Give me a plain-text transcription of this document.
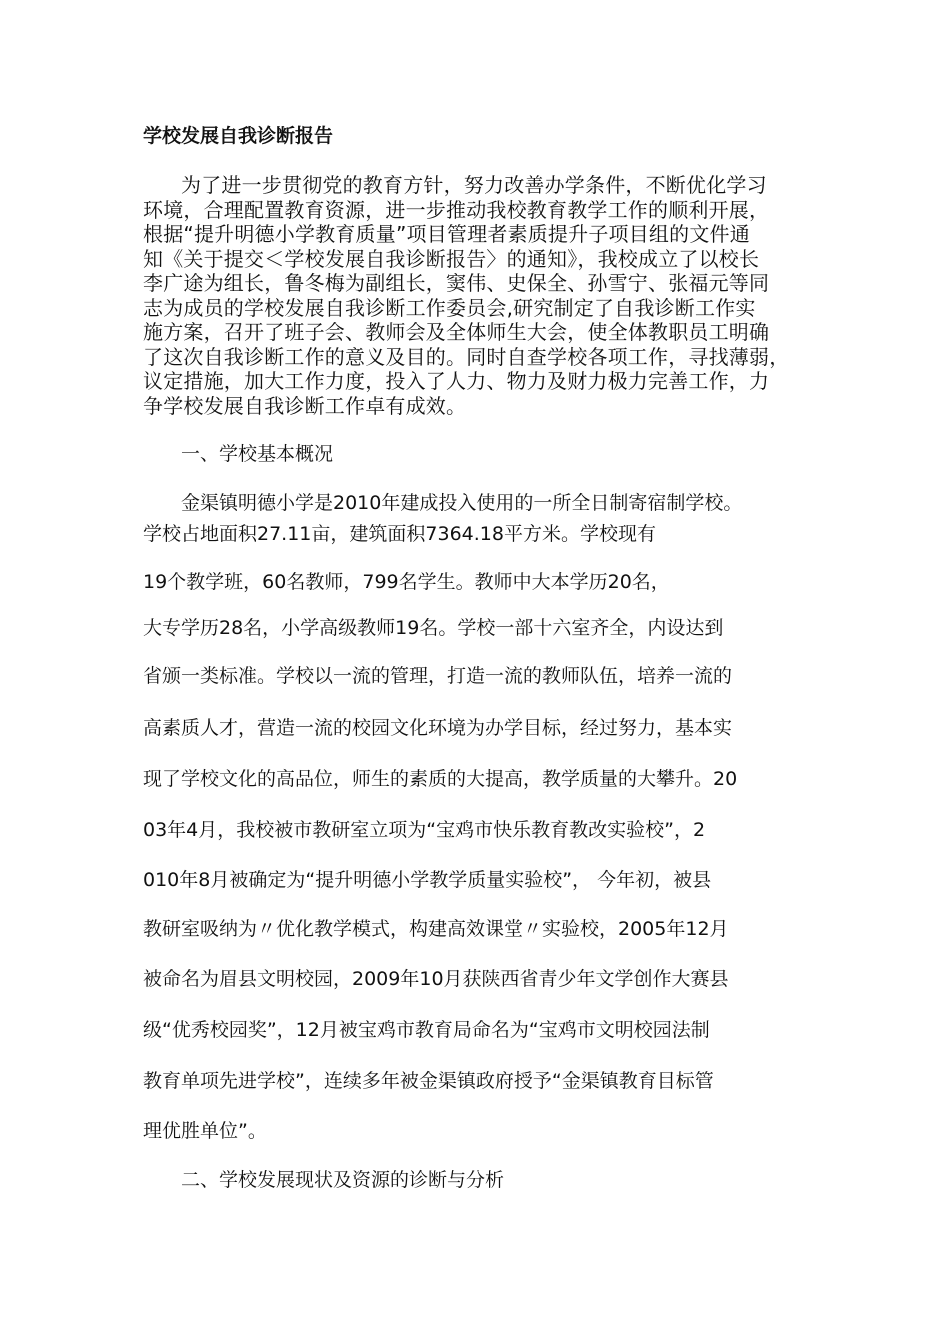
学校发展自我诊断报告
为了进一步贯彻党的教育方针，努力改善办学条件，不断优化学习
环境，合理配置教育资源，进一步推动我校教育教学工作的顺利开展，
根据“提升明德小学教育质量”项目管理者素质提升子项目组的文件通
知《关于提交＜学校发展自我诊断报告〉的通知》，我校成立了以校长
李广途为组长，鲁冬梅为副组长，窦伟、史保全、孙雪宁、张福元等同
志为成员的学校发展自我诊断工作委员会,研究制定了自我诊断工作实
施方案，召开了班子会、教师会及全体师生大会，使全体教职员工明确
了这次自我诊断工作的意义及目的。同时自查学校各项工作，寻找薄弱，
议定措施，加大工作力度，投入了人力、物力及财力极力完善工作，力
争学校发展自我诊断工作卓有成效。
一、学校基本概况
金渠镇明德小学是2010年建成投入使用的一所全日制寄宿制学校。
学校占地面积27.11亩，建筑面积7364.18平方米。学校现有
19个教学班，60名教师，799名学生。教师中大本学历20名，
大专学历28名，小学高级教师19名。学校一部十六室齐全，内设达到
省颁一类标准。学校以一流的管理，打造一流的教师队伍，培养一流的
高素质人才，营造一流的校园文化环境为办学目标，经过努力，基本实
现了学校文化的高品位，师生的素质的大提高，教学质量的大攀升。20
03年4月，我校被市教研室立项为“宝鸡市快乐教育教改实验校”，2
010年8月被确定为“提升明德小学教学质量实验校”， 今年初，被县
教研室吸纳为〃优化教学模式，构建高效课堂〃实验校，2005年12月
被命名为眉县文明校园，2009年10月获陕西省青少年文学创作大赛县
级“优秀校园奖”，12月被宝鸡市教育局命名为“宝鸡市文明校园法制
教育单项先进学校”，连续多年被金渠镇政府授予“金渠镇教育目标管
理优胜单位”。
二、学校发展现状及资源的诊断与分析
